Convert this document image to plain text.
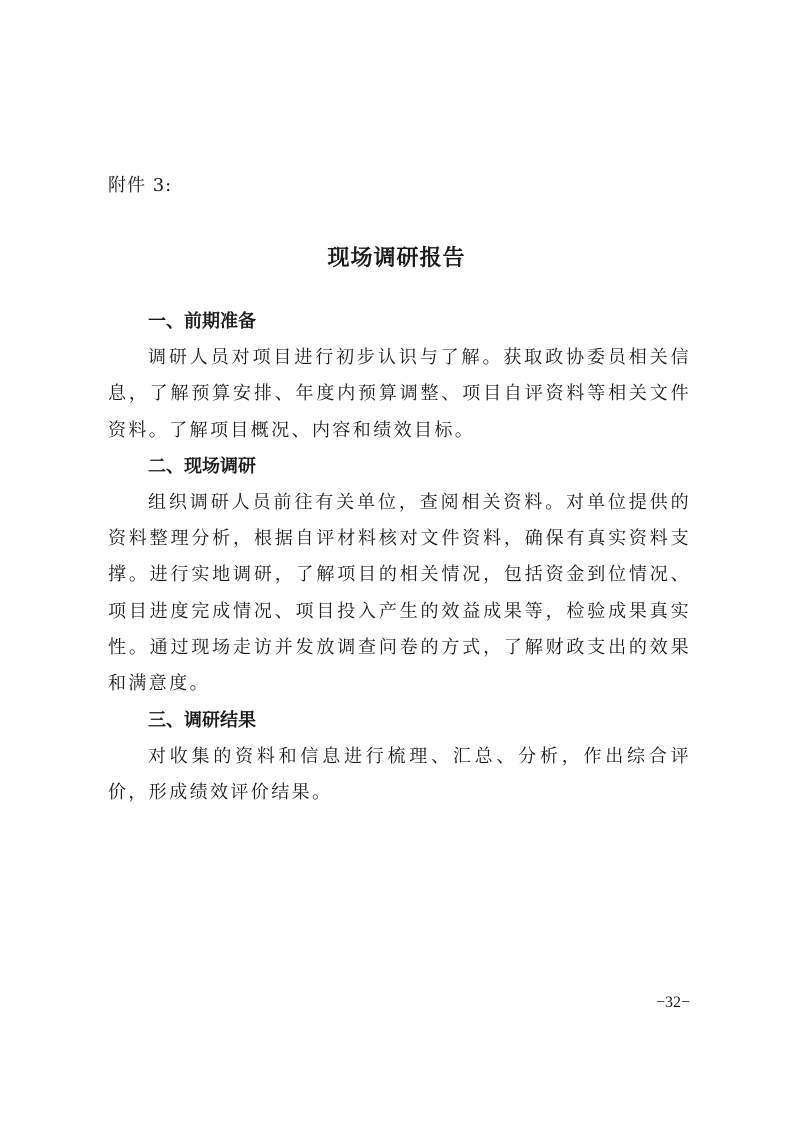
附件 3:
现场调研报告

一、前期准备

调研人员对项目进行初步认识与了解。获取政协委员相关信息，了解预算安排、年度内预算调整、项目自评资料等相关文件资料。了解项目概况、内容和绩效目标。

二、现场调研

组织调研人员前往有关单位，查阅相关资料。对单位提供的资料整理分析，根据自评材料核对文件资料，确保有真实资料支撑。进行实地调研，了解项目的相关情况，包括资金到位情况、项目进度完成情况、项目投入产生的效益成果等，检验成果真实性。通过现场走访并发放调查问卷的方式，了解财政支出的效果和满意度。

三、调研结果

对收集的资料和信息进行梳理、汇总、分析，作出综合评价，形成绩效评价结果。

−32−
